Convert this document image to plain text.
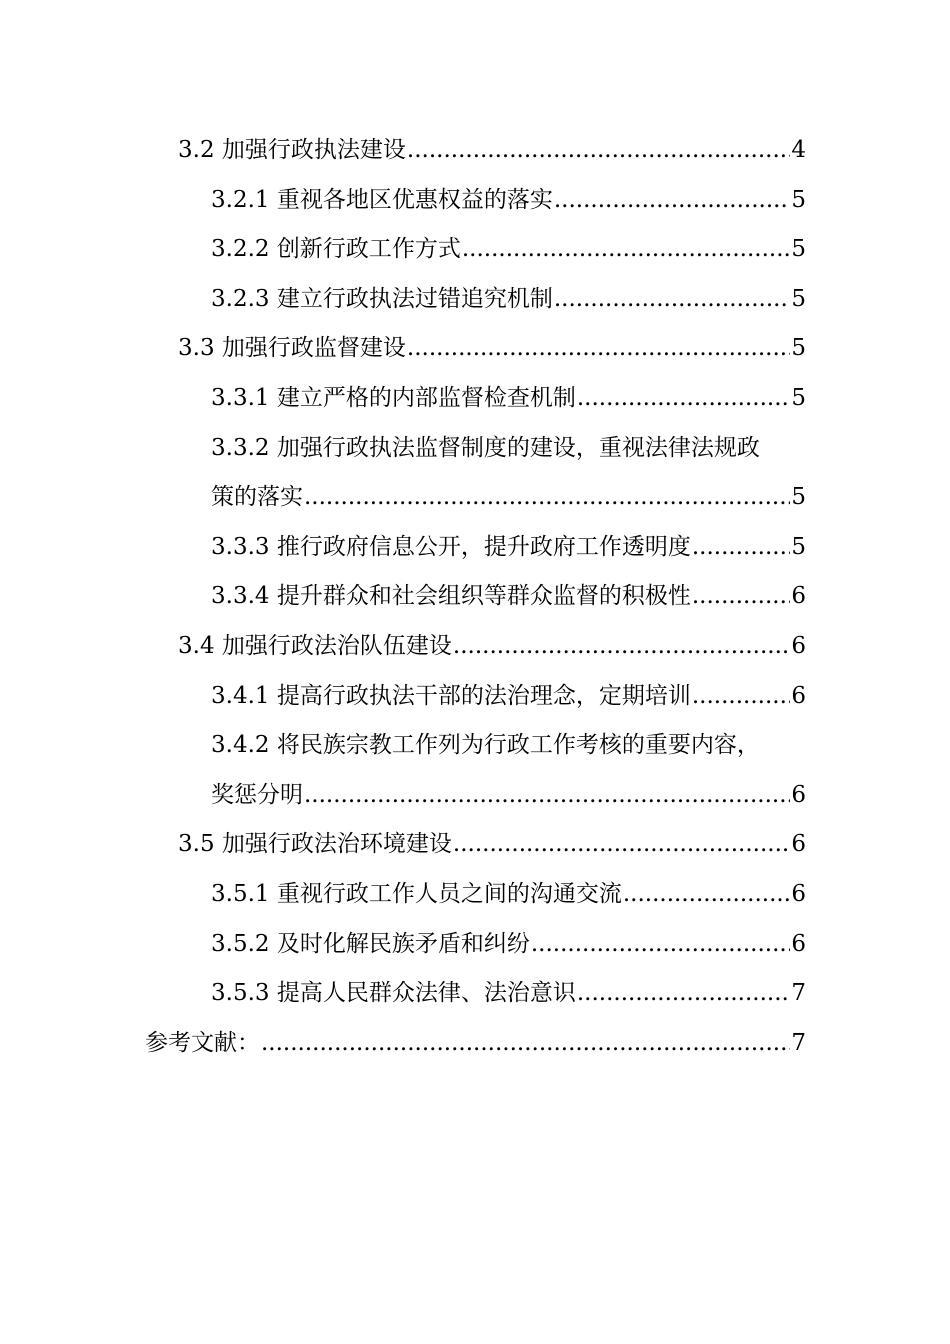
3.2 加强行政执法建设 .....	4
3.2.1 重视各地区优惠权益的落实 .....	5
3.2.2 创新行政工作方式 .....	5
3.2.3 建立行政执法过错追究机制 .....	5
3.3 加强行政监督建设 .....	5
3.3.1 建立严格的内部监督检查机制 .....	5
3.3.2 加强行政执法监督制度的建设，重视法律法规政
策的落实 .....	5
3.3.3 推行政府信息公开，提升政府工作透明度 .....	5
3.3.4 提升群众和社会组织等群众监督的积极性 .....	6
3.4 加强行政法治队伍建设 .....	6
3.4.1 提高行政执法干部的法治理念，定期培训 .....	6
3.4.2 将民族宗教工作列为行政工作考核的重要内容，
奖惩分明 .....	6
3.5 加强行政法治环境建设 .....	6
3.5.1 重视行政工作人员之间的沟通交流 .....	6
3.5.2 及时化解民族矛盾和纠纷 .....	6
3.5.3 提高人民群众法律、法治意识 .....	7
参考文献： .....	7
